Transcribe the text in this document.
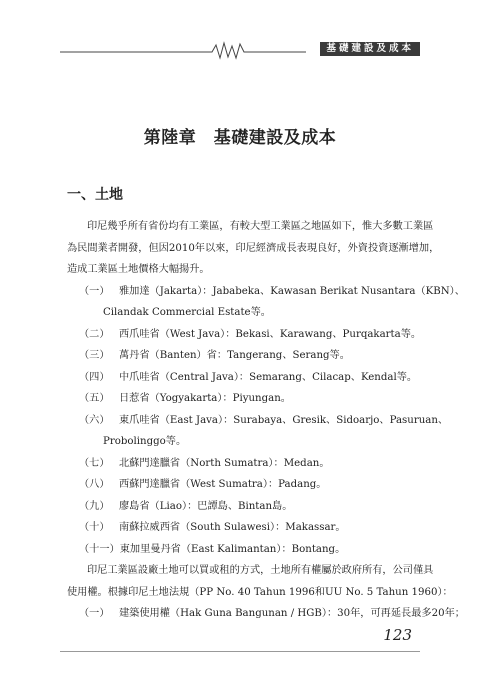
基礎建設及成本
第陸章　基礎建設及成本
一、土地
印尼幾乎所有省份均有工業區，有較大型工業區之地區如下，惟大多數工業區
為民間業者開發，但因2010年以來，印尼經濟成長表現良好，外資投資逐漸增加，
造成工業區土地價格大幅揚升。
（一） 雅加達（Jakarta）：Jababeka、Kawasan Berikat Nusantara（KBN）、
Cilandak Commercial Estate等。
（二） 西爪哇省（West Java）：Bekasi、Karawang、Purqakarta等。
（三） 萬丹省（Banten）省：Tangerang、Serang等。
（四） 中爪哇省（Central Java）：Semarang、Cilacap、Kendal等。
（五） 日惹省（Yogyakarta）：Piyungan。
（六） 東爪哇省（East Java）：Surabaya、Gresik、Sidoarjo、Pasuruan、
Probolinggo等。
（七） 北蘇門達臘省（North Sumatra）：Medan。
（八） 西蘇門達臘省（West Sumatra）：Padang。
（九） 廖島省（Liao）：巴譚島、Bintan島。
（十） 南蘇拉威西省（South Sulawesi）：Makassar。
（十一）東加里曼丹省（East Kalimantan）：Bontang。
印尼工業區設廠土地可以買或租的方式，土地所有權屬於政府所有，公司僅具
使用權。根據印尼土地法規（PP No. 40 Tahun 1996和UU No. 5 Tahun 1960）：
（一） 建築使用權（Hak Guna Bangunan / HGB）：30年，可再延長最多20年；
123
